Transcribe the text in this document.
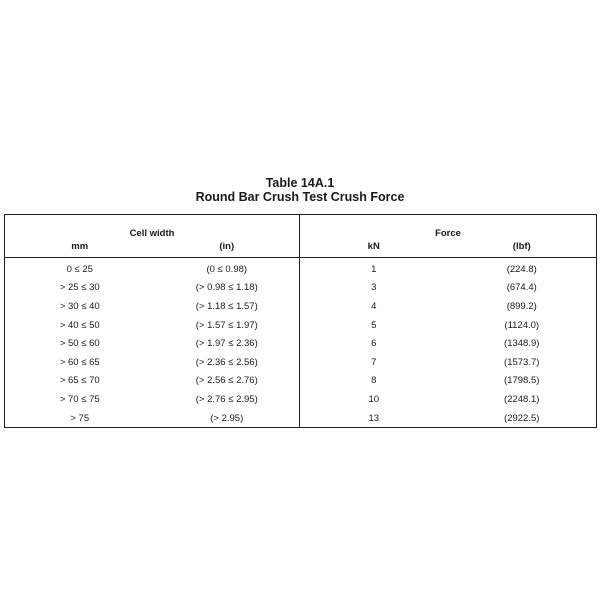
Table 14A.1
Round Bar Crush Test Crush Force
Cell width		Force	
mm	(in)	kN	(lbf)
0 ≤ 25	(0 ≤ 0.98)	1	(224.8)
> 25 ≤ 30	(> 0.98 ≤ 1.18)	3	(674.4)
> 30 ≤ 40	(> 1.18 ≤ 1.57)	4	(899.2)
> 40 ≤ 50	(> 1.57 ≤ 1.97)	5	(1124.0)
> 50 ≤ 60	(> 1.97 ≤ 2.36)	6	(1348.9)
> 60 ≤ 65	(> 2.36 ≤ 2.56)	7	(1573.7)
> 65 ≤ 70	(> 2.56 ≤ 2.76)	8	(1798.5)
> 70 ≤ 75	(> 2.76 ≤ 2.95)	10	(2248.1)
> 75	(> 2.95)	13	(2922.5)
